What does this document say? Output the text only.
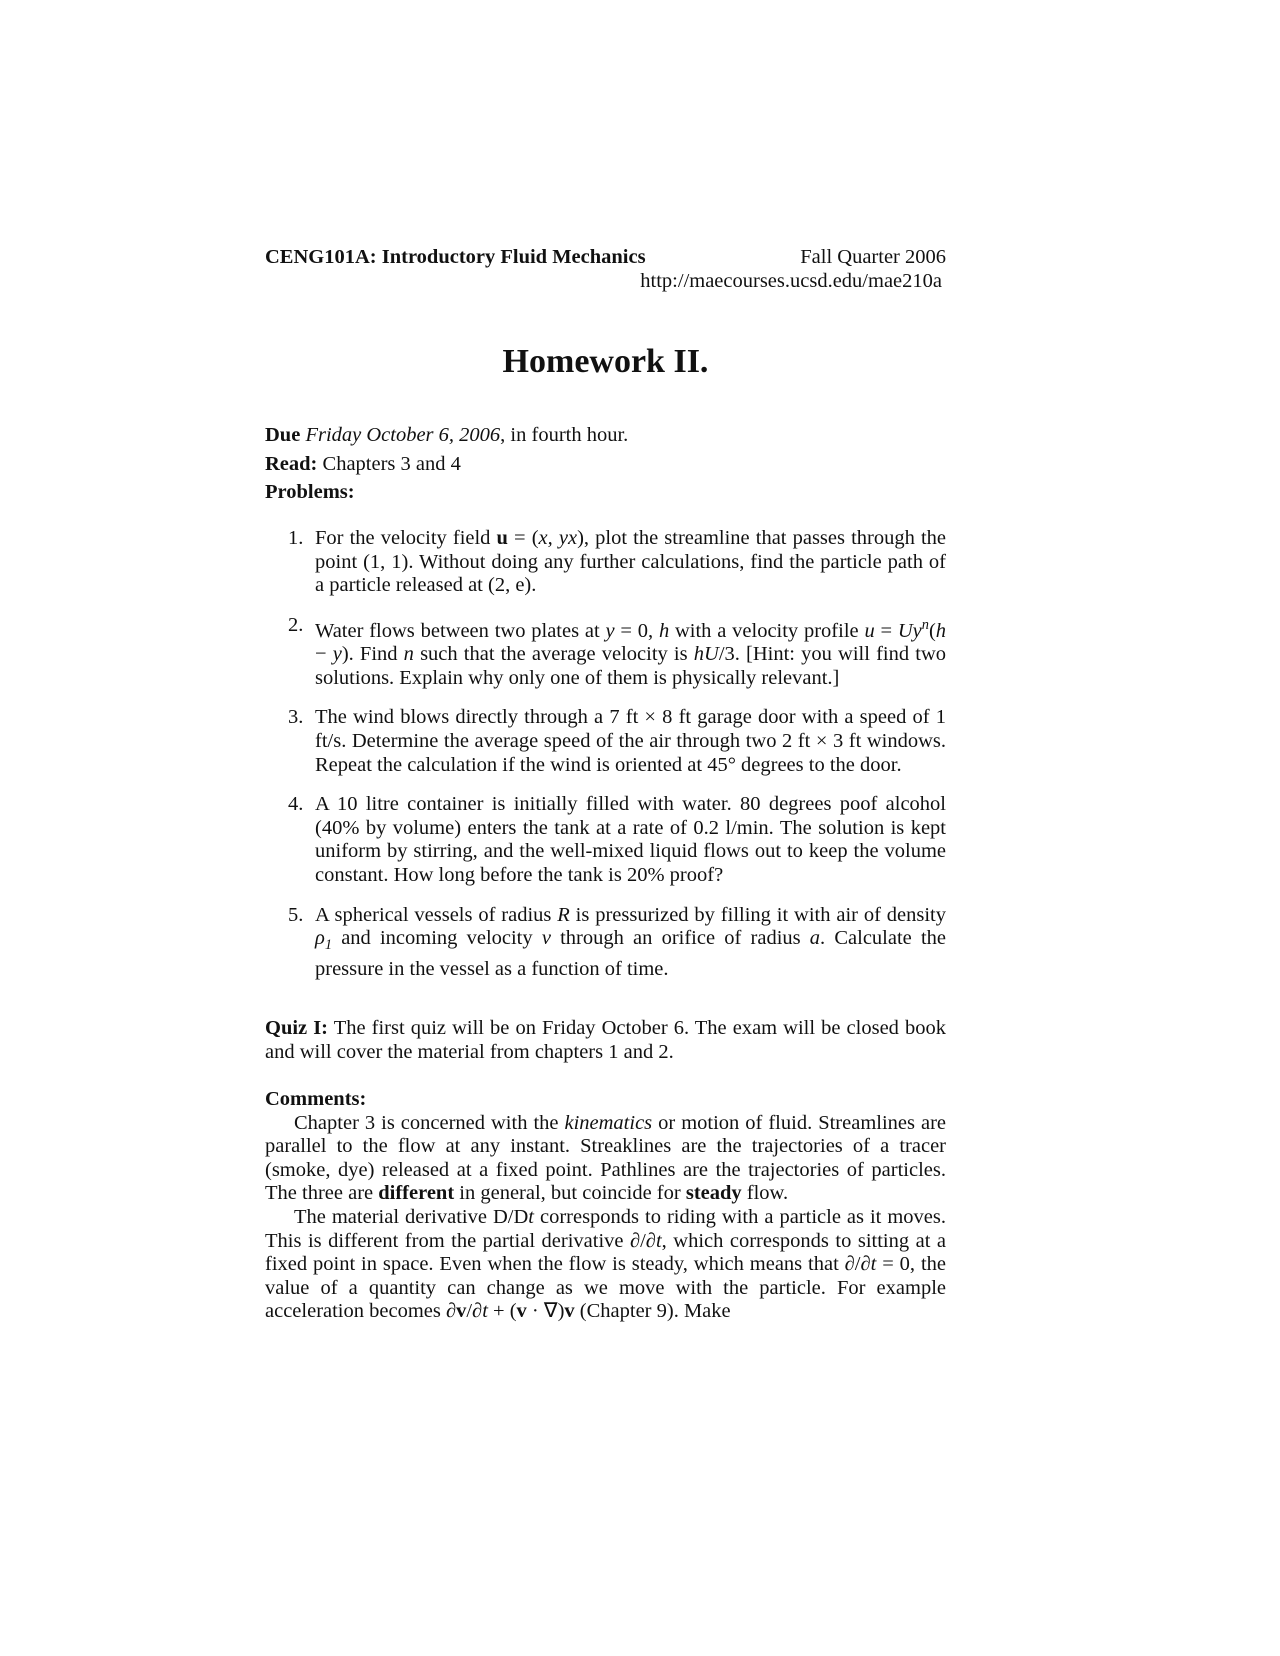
CENG101A: Introductory Fluid Mechanics	Fall Quarter 2006
http://maecourses.ucsd.edu/mae210a
Homework II.
Due Friday October 6, 2006, in fourth hour.
Read: Chapters 3 and 4
Problems:
1. For the velocity field u = (x, yx), plot the streamline that passes through the point (1, 1). Without doing any further calculations, find the particle path of a particle released at (2, e).
2. Water flows between two plates at y = 0, h with a velocity profile $u = Uy^n(h - y)$. Find n such that the average velocity is hU/3. [Hint: you will find two solutions. Explain why only one of them is physically relevant.]
3. The wind blows directly through a 7 ft × 8 ft garage door with a speed of 1 ft/s. Determine the average speed of the air through two 2 ft × 3 ft windows. Repeat the calculation if the wind is oriented at 45° degrees to the door.
4. A 10 litre container is initially filled with water. 80 degrees poof alcohol (40% by volume) enters the tank at a rate of 0.2 l/min. The solution is kept uniform by stirring, and the well-mixed liquid flows out to keep the volume constant. How long before the tank is 20% proof?
5. A spherical vessels of radius R is pressurized by filling it with air of density $\rho_1$ and incoming velocity v through an orifice of radius a. Calculate the pressure in the vessel as a function of time.
Quiz I: The first quiz will be on Friday October 6. The exam will be closed book and will cover the material from chapters 1 and 2.
Comments:

Chapter 3 is concerned with the kinematics or motion of fluid. Streamlines are parallel to the flow at any instant. Streaklines are the trajectories of a tracer (smoke, dye) released at a fixed point. Pathlines are the trajectories of particles. The three are different in general, but coincide for steady flow.

The material derivative D/Dt corresponds to riding with a particle as it moves. This is different from the partial derivative ∂/∂t, which corresponds to sitting at a fixed point in space. Even when the flow is steady, which means that ∂/∂t = 0, the value of a quantity can change as we move with the particle. For example acceleration becomes ∂v/∂t + (v · ∇)v (Chapter 9). Make
